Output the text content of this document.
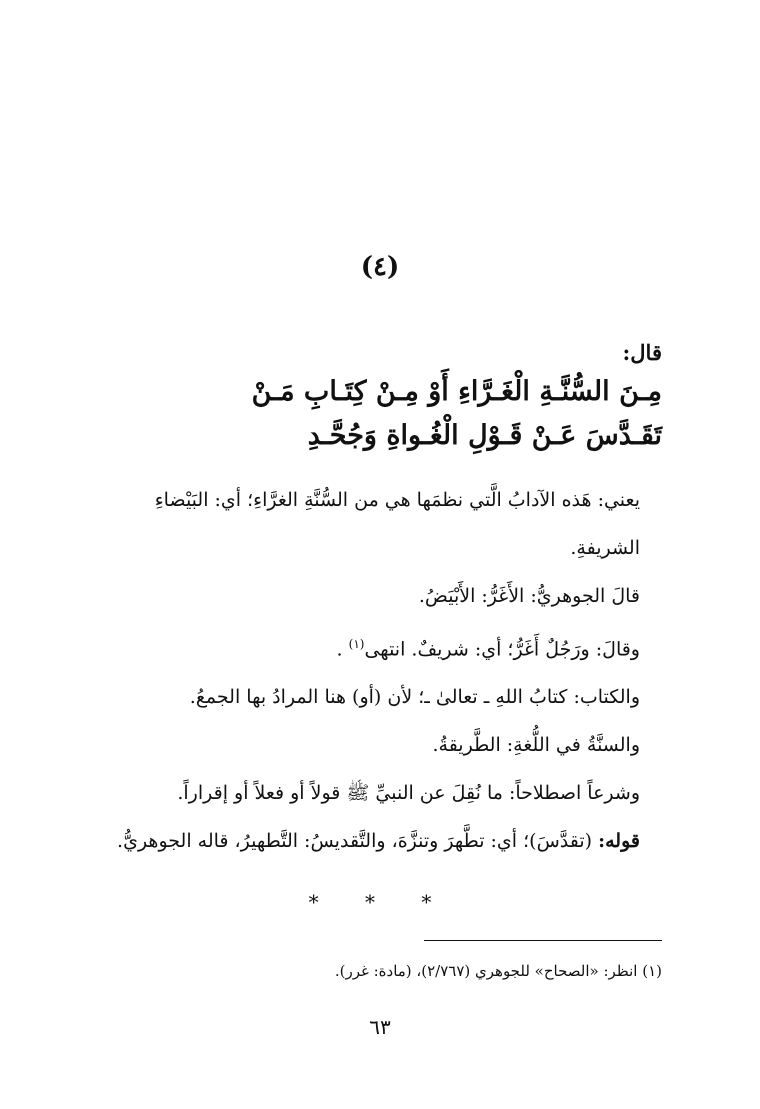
(٤)
قال:
مِـنَ السُّنَّـةِ الْغَـرَّاءِ أَوْ مِـنْ كِتَـابِ مَـنْ
تَقَـدَّسَ عَـنْ قَـوْلِ الْغُـواةِ وَجُحَّـدِ

يعني: هَذه الآدابُ الَّتي نظمَها هي من السُّنَّةِ الغرَّاءِ؛ أي: البَيْضاءِ الشريفةِ.

قالَ الجوهريُّ: الأَغَرُّ: الأَبْيَضُ.

وقالَ: ورَجُلٌ أَغَرُّ؛ أي: شريفٌ. انتهى$^{(١)}$ .

والكتاب: كتابُ اللهِ ـ تعالىٰ ـ؛ لأن (أو) هنا المرادُ بها الجمعُ.

والسنَّةُ في اللُّغةِ: الطَّريقةُ.

وشرعاً اصطلاحاً: ما نُقِلَ عن النبيِّ ﷺ قولاً أو فعلاً أو إقراراً.

قوله: (تقدَّسَ)؛ أي: تطَّهرَ وتنزَّهَ، والتَّقديسُ: التَّطهيرُ، قاله الجوهريُّ.

* * *
(١) انظر: «الصحاح» للجوهري (٢/٧٦٧)، (مادة: غرر).
٦٣
